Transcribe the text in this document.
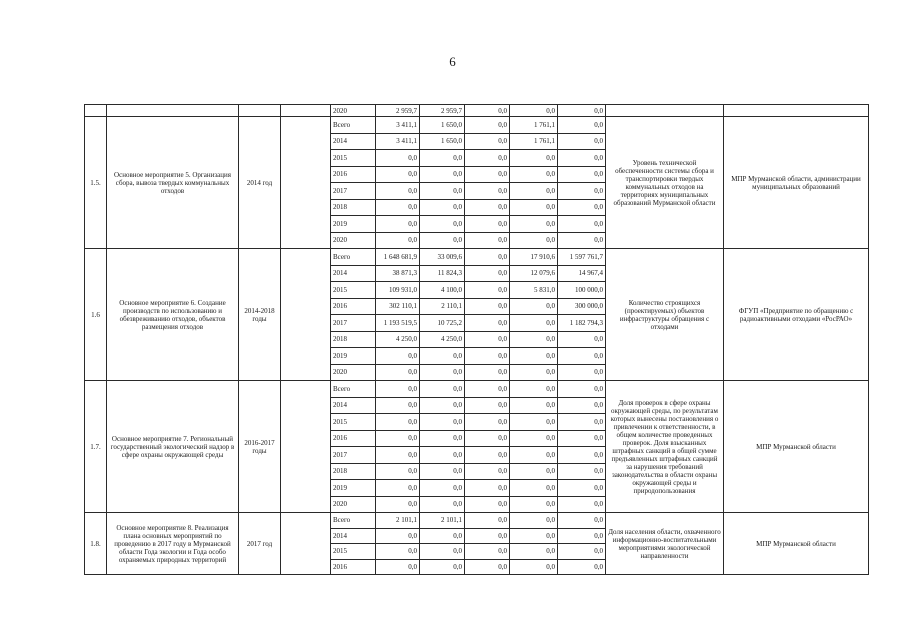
6
				2020	2 959,7	2 959,7	0,0	0,0	0,0		
1.5.	Основное мероприятие 5. Организация сбора, вывоза твердых коммунальных отходов	2014 год		Всего	3 411,1	1 650,0	0,0	1 761,1	0,0	Уровень технической обеспеченности системы сбора и транспортировки твердых коммунальных отходов на территориях муниципальных образований Мурманской области	МПР Мурманской области, администрации муниципальных образований
				2014	3 411,1	1 650,0	0,0	1 761,1	0,0		
				2015	0,0	0,0	0,0	0,0	0,0		
				2016	0,0	0,0	0,0	0,0	0,0		
				2017	0,0	0,0	0,0	0,0	0,0		
				2018	0,0	0,0	0,0	0,0	0,0		
				2019	0,0	0,0	0,0	0,0	0,0		
				2020	0,0	0,0	0,0	0,0	0,0		
1.6	Основное мероприятие 6. Создание производств по использованию и обезвреживанию отходов, объектов размещения отходов	2014-2018 годы		Всего	1 648 681,9	33 009,6	0,0	17 910,6	1 597 761,7	Количество строящихся (проектируемых) объектов инфраструктуры обращения с отходами	ФГУП «Предприятие по обращению с радиоактивными отходами «РосРАО»
				2014	38 871,3	11 824,3	0,0	12 079,6	14 967,4		
				2015	109 931,0	4 100,0	0,0	5 831,0	100 000,0		
				2016	302 110,1	2 110,1	0,0	0,0	300 000,0		
				2017	1 193 519,5	10 725,2	0,0	0,0	1 182 794,3		
				2018	4 250,0	4 250,0	0,0	0,0	0,0		
				2019	0,0	0,0	0,0	0,0	0,0		
				2020	0,0	0,0	0,0	0,0	0,0		
1.7.	Основное мероприятие 7. Региональный государственный экологический надзор в сфере охраны окружающей среды	2016-2017 годы		Всего	0,0	0,0	0,0	0,0	0,0	Доля проверок в сфере охраны окружающей среды, по результатам которых вынесены постановления о привлечении к ответственности, в общем количестве проведенных проверок. Доля взысканных штрафных санкций в общей сумме предъявленных штрафных санкций за нарушения требований законодательства в области охраны окружающей среды и природопользования	МПР Мурманской области
				2014	0,0	0,0	0,0	0,0	0,0		
				2015	0,0	0,0	0,0	0,0	0,0		
				2016	0,0	0,0	0,0	0,0	0,0		
				2017	0,0	0,0	0,0	0,0	0,0		
				2018	0,0	0,0	0,0	0,0	0,0		
				2019	0,0	0,0	0,0	0,0	0,0		
				2020	0,0	0,0	0,0	0,0	0,0		
1.8.	Основное мероприятие 8. Реализация плана основных мероприятий по проведению в 2017 году в Мурманской области Года экологии и Года особо охраняемых природных территорий	2017 год		Всего	2 101,1	2 101,1	0,0	0,0	0,0	Доля населения области, охваченного информационно-воспитательными мероприятиями экологической направленности	МПР Мурманской области
				2014	0,0	0,0	0,0	0,0	0,0		
				2015	0,0	0,0	0,0	0,0	0,0		
				2016	0,0	0,0	0,0	0,0	0,0		
